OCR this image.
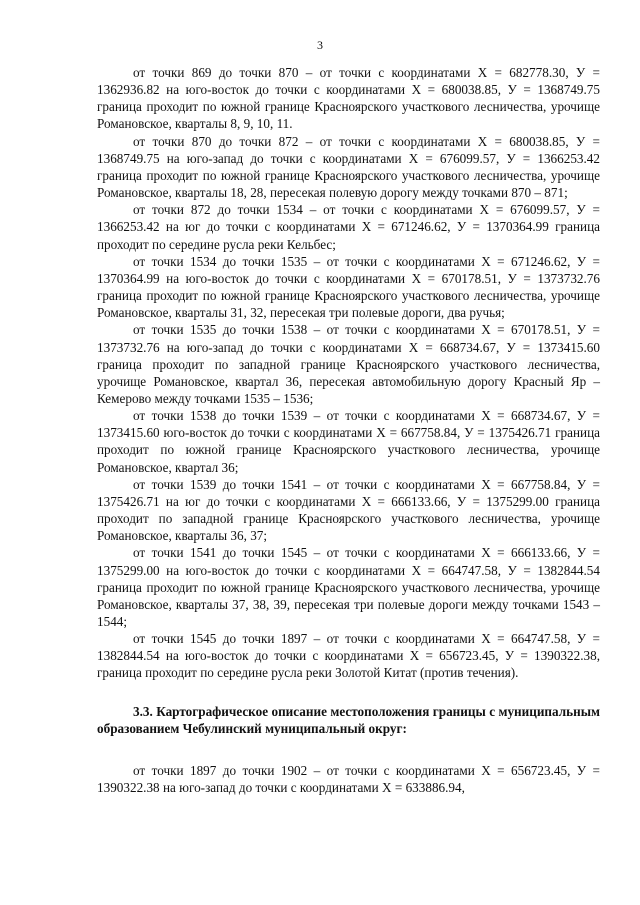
3

от точки 869 до точки 870 – от точки с координатами Х = 682778.30, У = 1362936.82 на юго-восток до точки с координатами Х = 680038.85, У = 1368749.75 граница проходит по южной границе Красноярского участкового лесничества, урочище Романовское, кварталы 8, 9, 10, 11.

от точки 870 до точки 872 – от точки с координатами Х = 680038.85, У = 1368749.75 на юго-запад до точки с координатами Х = 676099.57, У = 1366253.42 граница проходит по южной границе Красноярского участкового лесничества, урочище Романовское, кварталы 18, 28, пересекая полевую дорогу между точками 870 – 871;

от точки 872 до точки 1534 – от точки с координатами Х = 676099.57, У = 1366253.42 на юг до точки с координатами Х = 671246.62, У = 1370364.99 граница проходит по середине русла реки Кельбес;

от точки 1534 до точки 1535 – от точки с координатами Х = 671246.62, У = 1370364.99 на юго-восток до точки с координатами Х = 670178.51, У = 1373732.76 граница проходит по южной границе Красноярского участкового лесничества, урочище Романовское, кварталы 31, 32, пересекая три полевые дороги, два ручья;

от точки 1535 до точки 1538 – от точки с координатами Х = 670178.51, У = 1373732.76 на юго-запад до точки с координатами Х = 668734.67, У = 1373415.60 граница проходит по западной границе Красноярского участкового лесничества, урочище Романовское, квартал 36, пересекая автомобильную дорогу Красный Яр – Кемерово между точками 1535 – 1536;

от точки 1538 до точки 1539 – от точки с координатами Х = 668734.67, У = 1373415.60 юго-восток до точки с координатами Х = 667758.84, У = 1375426.71 граница проходит по южной границе Красноярского участкового лесничества, урочище Романовское, квартал 36;

от точки 1539 до точки 1541 – от точки с координатами Х = 667758.84, У = 1375426.71 на юг до точки с координатами Х = 666133.66, У = 1375299.00 граница проходит по западной границе Красноярского участкового лесничества, урочище Романовское, кварталы 36, 37;

от точки 1541 до точки 1545 – от точки с координатами Х = 666133.66, У = 1375299.00 на юго-восток до точки с координатами Х = 664747.58, У = 1382844.54 граница проходит по южной границе Красноярского участкового лесничества, урочище Романовское, кварталы 37, 38, 39, пересекая три полевые дороги между точками 1543 – 1544;

от точки 1545 до точки 1897 – от точки с координатами Х = 664747.58, У = 1382844.54 на юго-восток до точки с координатами Х = 656723.45, У = 1390322.38, граница проходит по середине русла реки Золотой Китат (против течения).

3.3. Картографическое описание местоположения границы с муниципальным образованием Чебулинский муниципальный округ:

от точки 1897 до точки 1902 – от точки с координатами Х = 656723.45, У = 1390322.38 на юго-запад до точки с координатами Х = 633886.94,
